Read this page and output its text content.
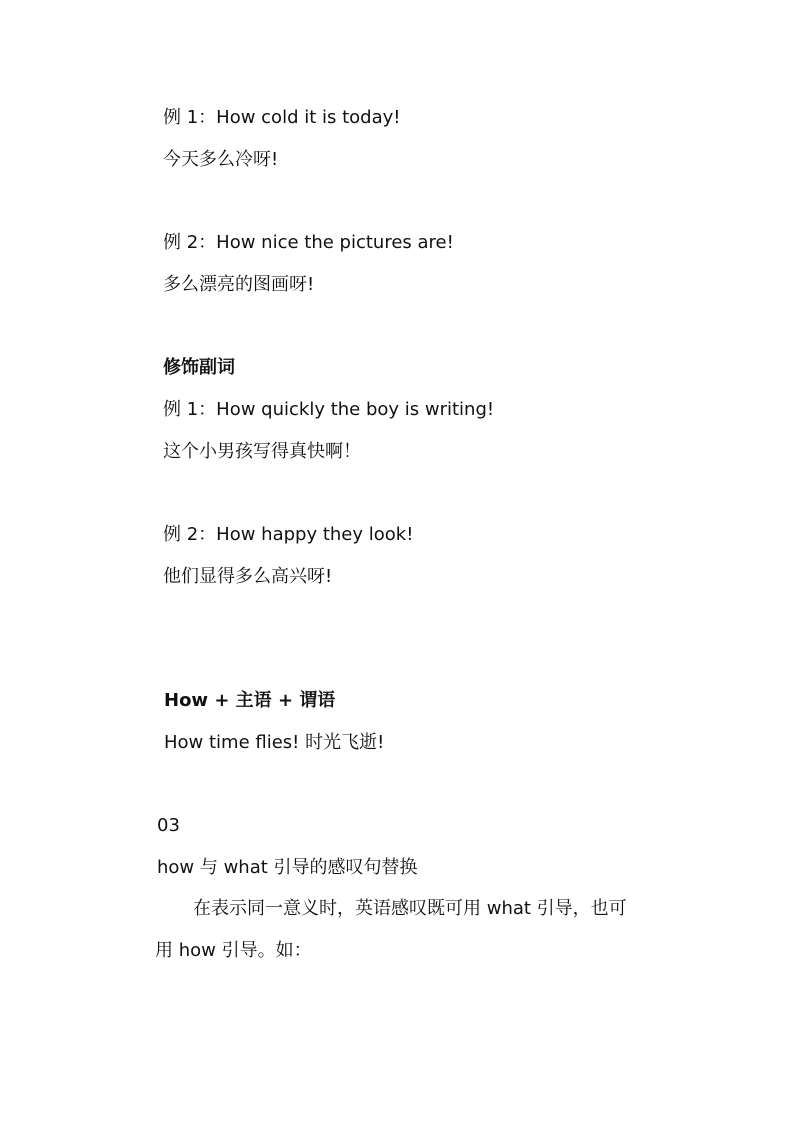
例 1：How cold it is today!
今天多么冷呀!
例 2：How nice the pictures are!
多么漂亮的图画呀!
修饰副词
例 1：How quickly the boy is writing!
这个小男孩写得真快啊！
例 2：How happy they look!
他们显得多么高兴呀!
How + 主语 + 谓语
How time flies! 时光飞逝!
03
how 与 what 引导的感叹句替换
在表示同一意义时，英语感叹既可用 what 引导，也可
用 how 引导。如：
